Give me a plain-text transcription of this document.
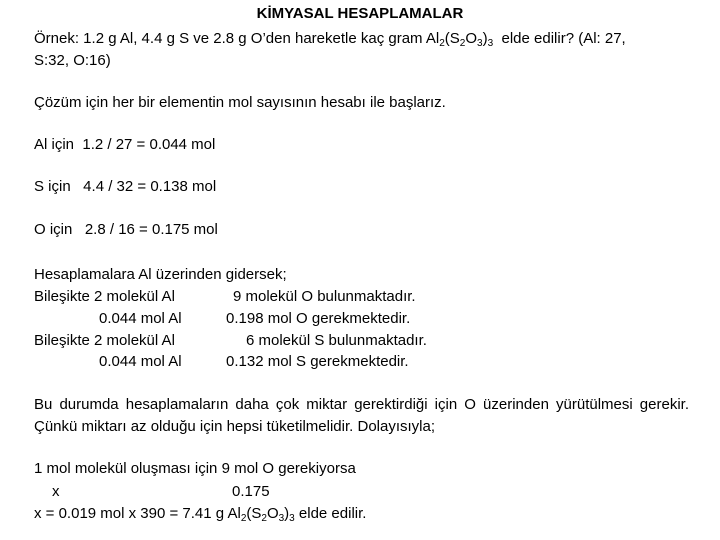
KİMYASAL HESAPLAMALAR
Örnek: 1.2 g Al, 4.4 g S ve 2.8 g O’den hareketle kaç gram $Al_2(S_2O_3)_3$  elde edilir? (Al: 27,
S:32, O:16)
Çözüm için her bir elementin mol sayısının hesabı ile başlarız.
Al için  1.2 / 27 = 0.044 mol
S için   4.4 / 32 = 0.138 mol
O için   2.8 / 16 = 0.175 mol
Hesaplamalara Al üzerinden gidersek;
Bileşikte 2 molekül Al	9 molekül O bulunmaktadır.
0.044 mol Al	0.198 mol O gerekmektedir.
Bileşikte 2 molekül Al	6 molekül S bulunmaktadır.
0.044 mol Al	0.132 mol S gerekmektedir.
Bu durumda hesaplamaların daha çok miktar gerektirdiği için O üzerinden yürütülmesi gerekir. Çünkü miktarı az olduğu için hepsi tüketilmelidir. Dolayısıyla;
1 mol molekül oluşması için 9 mol O gerekiyorsa
x	0.175
x = 0.019 mol x 390 = 7.41 g $Al_2(S_2O_3)_3$ elde edilir.
